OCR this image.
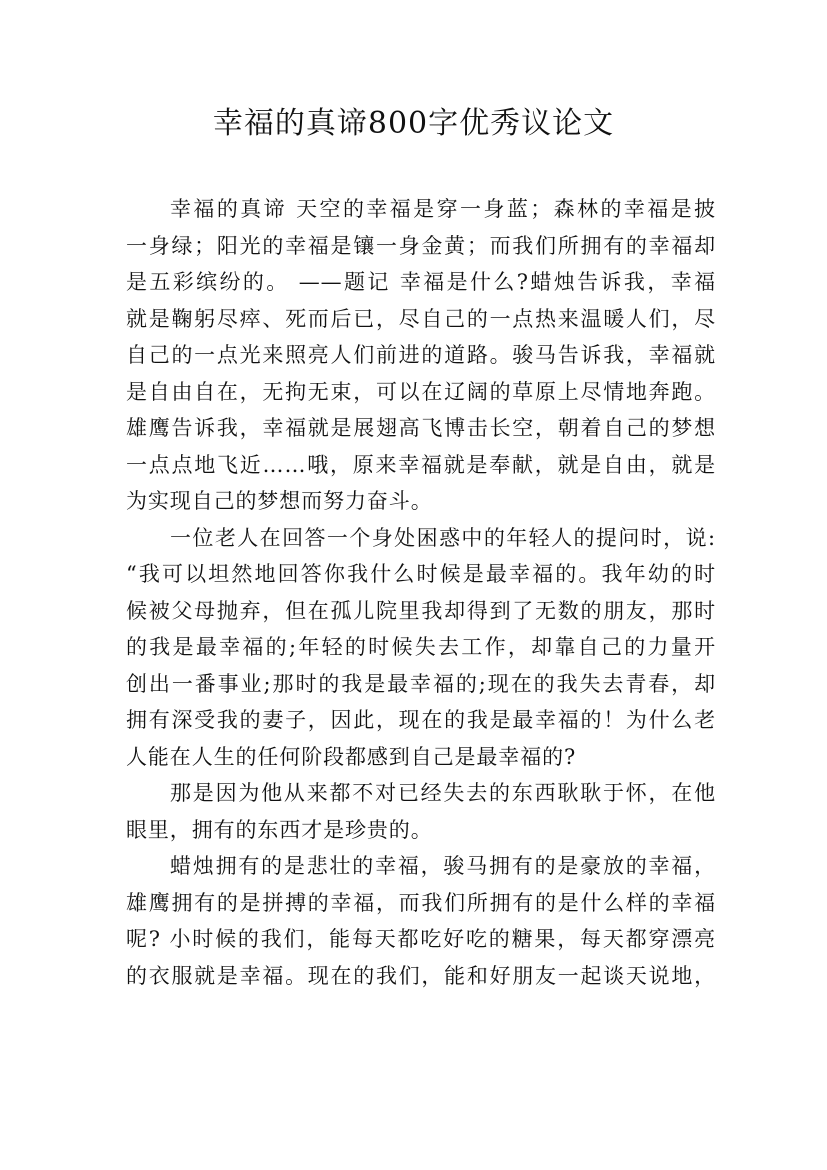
幸福的真谛800字优秀议论文
幸福的真谛 天空的幸福是穿一身蓝；森林的幸福是披
一身绿；阳光的幸福是镶一身金黄；而我们所拥有的幸福却
是五彩缤纷的。 ——题记 幸福是什么?蜡烛告诉我，幸福
就是鞠躬尽瘁、死而后已，尽自己的一点热来温暖人们，尽
自己的一点光来照亮人们前进的道路。骏马告诉我，幸福就
是自由自在，无拘无束，可以在辽阔的草原上尽情地奔跑。
雄鹰告诉我，幸福就是展翅高飞博击长空，朝着自己的梦想
一点点地飞近……哦，原来幸福就是奉献，就是自由，就是
为实现自己的梦想而努力奋斗。
一位老人在回答一个身处困惑中的年轻人的提问时，说:
“我可以坦然地回答你我什么时候是最幸福的。我年幼的时
候被父母抛弃，但在孤儿院里我却得到了无数的朋友，那时
的我是最幸福的;年轻的时候失去工作，却靠自己的力量开
创出一番事业;那时的我是最幸福的;现在的我失去青春，却
拥有深受我的妻子，因此，现在的我是最幸福的！为什么老
人能在人生的任何阶段都感到自己是最幸福的?
那是因为他从来都不对已经失去的东西耿耿于怀，在他
眼里，拥有的东西才是珍贵的。
蜡烛拥有的是悲壮的幸福，骏马拥有的是豪放的幸福，
雄鹰拥有的是拼搏的幸福，而我们所拥有的是什么样的幸福
呢? 小时候的我们，能每天都吃好吃的糖果，每天都穿漂亮
的衣服就是幸福。现在的我们，能和好朋友一起谈天说地，
